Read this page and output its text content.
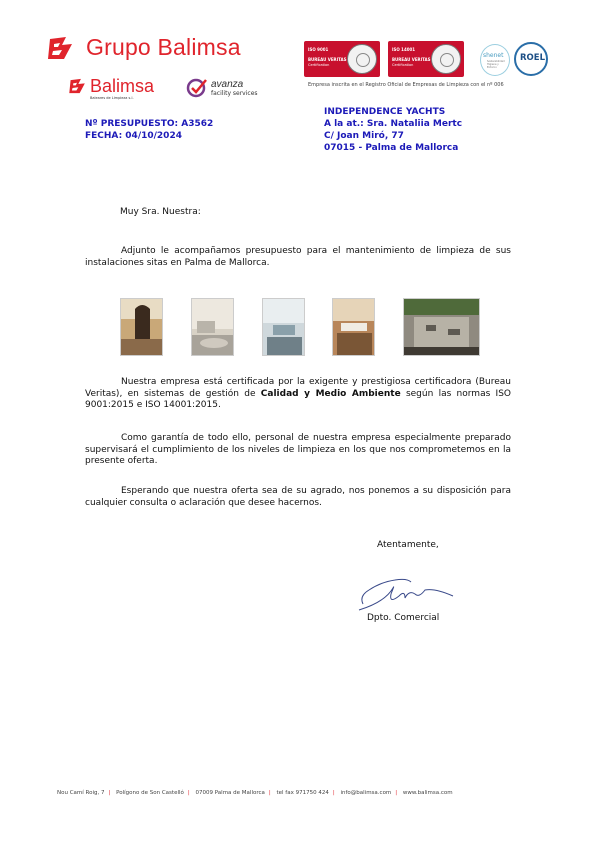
Grupo Balimsa
Balimsa
Baleares de Limpieza s.l.
avanza
facility services
ISO 9001
BUREAU VERITAS
Certification
ISO 14001
BUREAU VERITAS
Certification
shenet
Sostenibilidad Higiene y Entorno
ROEL
Empresa inscrita en el Registro Oficial de Empresas de Limpieza con el nº 006
Nº PRESUPUESTO: A3562
FECHA: 04/10/2024
INDEPENDENCE YACHTS
A la at.: Sra. Nataliia Mertc
C/ Joan Miró, 77
07015 - Palma de Mallorca
Muy Sra. Nuestra:
Adjunto le acompañamos presupuesto para el mantenimiento de limpieza de sus instalaciones sitas en Palma de Mallorca.
Nuestra empresa está certificada por la exigente y prestigiosa certificadora (Bureau Veritas), en sistemas de gestión de Calidad y Medio Ambiente según las normas ISO 9001:2015 e ISO 14001:2015.
Como garantía de todo ello, personal de nuestra empresa especialmente preparado supervisará el cumplimiento de los niveles de limpieza en los que nos comprometemos en la presente oferta.
Esperando que nuestra oferta sea de su agrado, nos ponemos a su disposición para cualquier consulta o aclaración que desee hacernos.
Atentamente,
Dpto. Comercial
Nou Camí Roig, 7 | Polígono de Son Castelló | 07009 Palma de Mallorca | tel fax 971750 424 | info@balimsa.com | www.balimsa.com
